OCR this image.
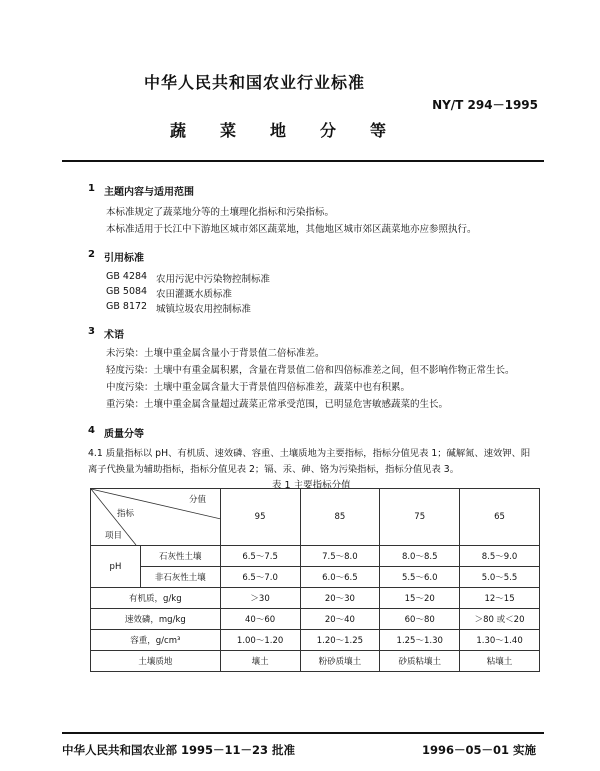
中华人民共和国农业行业标准
NY/T 294－1995
蔬菜地分等
1 主题内容与适用范围
本标准规定了蔬菜地分等的土壤理化指标和污染指标。
本标准适用于长江中下游地区城市郊区蔬菜地，其他地区城市郊区蔬菜地亦应参照执行。
2 引用标准
GB 4284 农用污泥中污染物控制标准
GB 5084 农田灌溉水质标准
GB 8172 城镇垃圾农用控制标准
3 术语
未污染：土壤中重金属含量小于背景值二倍标准差。
轻度污染：土壤中有重金属积累，含量在背景值二倍和四倍标准差之间，但不影响作物正常生长。
中度污染：土壤中重金属含量大于背景值四倍标准差，蔬菜中也有积累。
重污染：土壤中重金属含量超过蔬菜正常承受范围，已明显危害敏感蔬菜的生长。
4 质量分等
4.1 质量指标以 pH、有机质、速效磷、容重、土壤质地为主要指标，指标分值见表 1；碱解氮、速效钾、阳
离子代换量为辅助指标，指标分值见表 2；镉、汞、砷、铬为污染指标，指标分值见表 3。
表 1 主要指标分值
分值
指标
项目		95	85	75	65
pH	石灰性土壤	6.5～7.5	7.5～8.0	8.0～8.5	8.5～9.0
	非石灰性土壤	6.5～7.0	6.0～6.5	5.5～6.0	5.0～5.5
有机质，g/kg		＞30	20～30	15～20	12～15
速效磷，mg/kg		40～60	20～40	60～80	＞80 或＜20
容重，g/cm³		1.00～1.20	1.20～1.25	1.25～1.30	1.30～1.40
土壤质地		壤土	粉砂质壤土	砂质粘壤土	粘壤土
中华人民共和国农业部 1995－11－23 批准	1996－05－01 实施
